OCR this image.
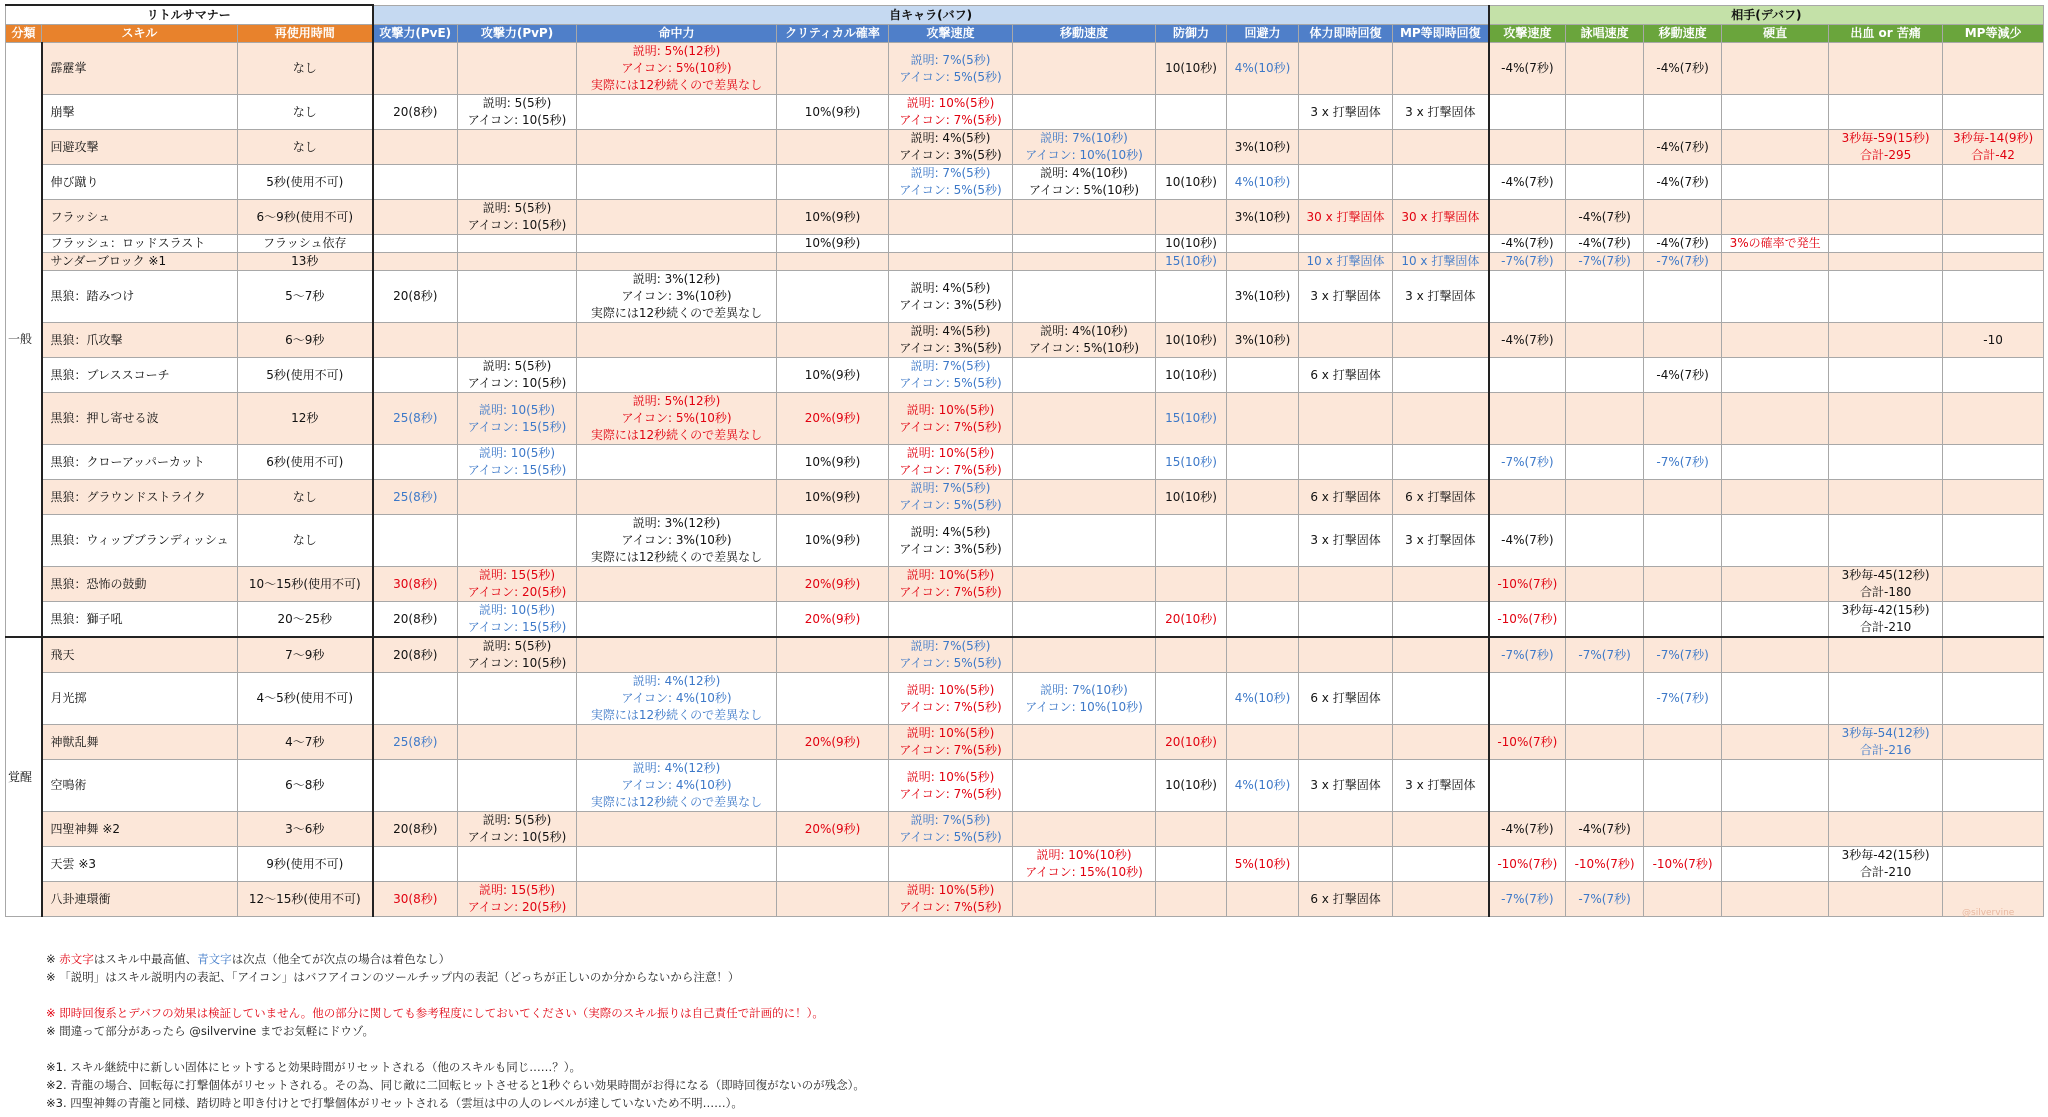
リトルサマナー			自キャラ(バフ)										相手(デバフ)					
分類	スキル	再使用時間	攻撃力(PvE)	攻撃力(PvP)	命中力	クリティカル確率	攻撃速度	移動速度	防御力	回避力	体力即時回復	MP等即時回復	攻撃速度	詠唱速度	移動速度	硬直	出血 or 苦痛	MP等減少
一般	霹靂掌	なし			説明: 5%(12秒)
アイコン: 5%(10秒)
実際には12秒続くので差異なし		説明: 7%(5秒)
アイコン: 5%(5秒)		10(10秒)	4%(10秒)			-4%(7秒)		-4%(7秒)			
	崩撃	なし	20(8秒)	説明: 5(5秒)
アイコン: 10(5秒)		10%(9秒)	説明: 10%(5秒)
アイコン: 7%(5秒)				3 x 打撃固体	3 x 打撃固体						
	回避攻撃	なし					説明: 4%(5秒)
アイコン: 3%(5秒)	説明: 7%(10秒)
アイコン: 10%(10秒)		3%(10秒)					-4%(7秒)		3秒毎-59(15秒)
合計-295	3秒毎-14(9秒)
合計-42

	伸び蹴り	5秒(使用不可)					説明: 7%(5秒)
アイコン: 5%(5秒)	説明: 4%(10秒)
アイコン: 5%(10秒)	10(10秒)	4%(10秒)			-4%(7秒)		-4%(7秒)			
	フラッシュ	6～9秒(使用不可)		説明: 5(5秒)
アイコン: 10(5秒)		10%(9秒)				3%(10秒)	30 x 打撃固体	30 x 打撃固体		-4%(7秒)				
	フラッシュ：ロッドスラスト	フラッシュ依存				10%(9秒)			10(10秒)				-4%(7秒)	-4%(7秒)	-4%(7秒)	3%の確率で発生		

	サンダーブロック ※1	13秒							15(10秒)		10 x 打撃固体	10 x 打撃固体	-7%(7秒)	-7%(7秒)	-7%(7秒)			

	黒狼：踏みつけ	5～7秒	20(8秒)		説明: 3%(12秒)
アイコン: 3%(10秒)
実際には12秒続くので差異なし		説明: 4%(5秒)
アイコン: 3%(5秒)			3%(10秒)	3 x 打撃固体	3 x 打撃固体						
	黒狼：爪攻撃	6～9秒					説明: 4%(5秒)
アイコン: 3%(5秒)	説明: 4%(10秒)
アイコン: 5%(10秒)	10(10秒)	3%(10秒)			-4%(7秒)					-10
	黒狼：ブレススコーチ	5秒(使用不可)		説明: 5(5秒)
アイコン: 10(5秒)		10%(9秒)	説明: 7%(5秒)
アイコン: 5%(5秒)		10(10秒)		6 x 打撃固体				-4%(7秒)			
	黒狼：押し寄せる波	12秒	25(8秒)	説明: 10(5秒)
アイコン: 15(5秒)	説明: 5%(12秒)
アイコン: 5%(10秒)
実際には12秒続くので差異なし	20%(9秒)	説明: 10%(5秒)
アイコン: 7%(5秒)		15(10秒)									

	黒狼：クローアッパーカット	6秒(使用不可)		説明: 10(5秒)
アイコン: 15(5秒)		10%(9秒)	説明: 10%(5秒)
アイコン: 7%(5秒)		15(10秒)				-7%(7秒)		-7%(7秒)			

	黒狼：グラウンドストライク	なし	25(8秒)			10%(9秒)	説明: 7%(5秒)
アイコン: 5%(5秒)		10(10秒)		6 x 打撃固体	6 x 打撃固体						
	黒狼：ウィップブランディッシュ	なし			説明: 3%(12秒)
アイコン: 3%(10秒)
実際には12秒続くので差異なし	10%(9秒)	説明: 4%(5秒)
アイコン: 3%(5秒)				3 x 打撃固体	3 x 打撃固体	-4%(7秒)					
	黒狼：恐怖の鼓動	10～15秒(使用不可)	30(8秒)	説明: 15(5秒)
アイコン: 20(5秒)		20%(9秒)	説明: 10%(5秒)
アイコン: 7%(5秒)						-10%(7秒)				3秒毎-45(12秒)
合計-180	

	黒狼：獅子吼	20～25秒	20(8秒)	説明: 10(5秒)
アイコン: 15(5秒)		20%(9秒)			20(10秒)				-10%(7秒)				3秒毎-42(15秒)
合計-210	

覚醒	飛天	7～9秒	20(8秒)	説明: 5(5秒)
アイコン: 10(5秒)			説明: 7%(5秒)
アイコン: 5%(5秒)						-7%(7秒)	-7%(7秒)	-7%(7秒)			

	月光掷	4～5秒(使用不可)			説明: 4%(12秒)
アイコン: 4%(10秒)
実際には12秒続くので差異なし		説明: 10%(5秒)
アイコン: 7%(5秒)	説明: 7%(10秒)
アイコン: 10%(10秒)		4%(10秒)	6 x 打撃固体				-7%(7秒)			

	神獣乱舞	4～7秒	25(8秒)			20%(9秒)	説明: 10%(5秒)
アイコン: 7%(5秒)		20(10秒)				-10%(7秒)				3秒毎-54(12秒)
合計-216	

	空鳴術	6～8秒			説明: 4%(12秒)
アイコン: 4%(10秒)
実際には12秒続くので差異なし		説明: 10%(5秒)
アイコン: 7%(5秒)		10(10秒)	4%(10秒)	3 x 打撃固体	3 x 打撃固体						
	四聖神舞 ※2	3～6秒	20(8秒)	説明: 5(5秒)
アイコン: 10(5秒)		20%(9秒)	説明: 7%(5秒)
アイコン: 5%(5秒)						-4%(7秒)	-4%(7秒)				
	天雲 ※3	9秒(使用不可)						説明: 10%(10秒)
アイコン: 15%(10秒)		5%(10秒)			-10%(7秒)	-10%(7秒)	-10%(7秒)		3秒毎-42(15秒)
合計-210	

	八卦連環衝	12～15秒(使用不可)	30(8秒)	説明: 15(5秒)
アイコン: 20(5秒)			説明: 10%(5秒)
アイコン: 7%(5秒)				6 x 打撃固体		-7%(7秒)	-7%(7秒)				

※ 赤文字はスキル中最高値、青文字は次点（他全てが次点の場合は着色なし）

※ 「説明」はスキル説明内の表記、「アイコン」はバフアイコンのツールチップ内の表記（どっちが正しいのか分からないから注意！）

※ 即時回復系とデバフの効果は検証していません。他の部分に関しても参考程度にしておいてください（実際のスキル振りは自己責任で計画的に！）。

※ 間違って部分があったら @silvervine までお気軽にドウゾ。

※1. スキル継続中に新しい固体にヒットすると効果時間がリセットされる（他のスキルも同じ……？）。

※2. 青龍の場合、回転毎に打撃個体がリセットされる。その為、同じ敵に二回転ヒットさせると1秒ぐらい効果時間がお得になる（即時回復がないのが残念）。

※3. 四聖神舞の青龍と同様、踏切時と叩き付けとで打撃個体がリセットされる（雲垣は中の人のレベルが達していないため不明……）。

@silvervine
